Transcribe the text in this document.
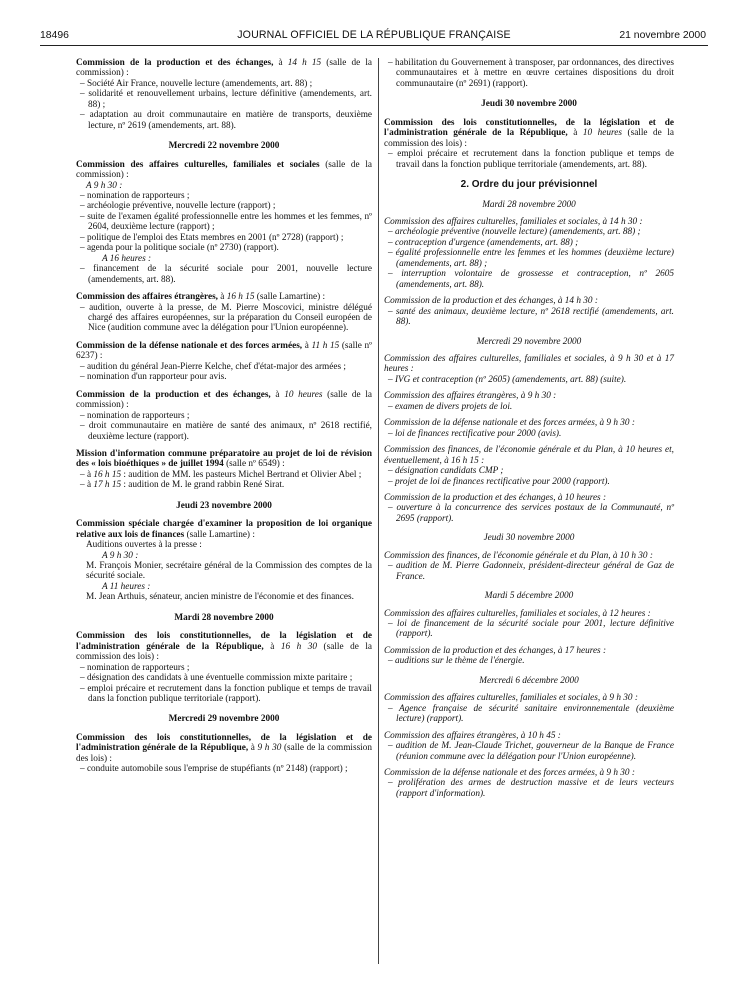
18496	JOURNAL OFFICIEL DE LA RÉPUBLIQUE FRANÇAISE	21 novembre 2000

Commission de la production et des échanges, à 14 h 15 (salle de la commission) :

– Société Air France, nouvelle lecture (amendements, art. 88) ;

– solidarité et renouvellement urbains, lecture définitive (amendements, art. 88) ;

– adaptation au droit communautaire en matière de transports, deuxième lecture, nº 2619 (amendements, art. 88).

Mercredi 22 novembre 2000

Commission des affaires culturelles, familiales et sociales (salle de la commission) :

A 9 h 30 :

– nomination de rapporteurs ;

– archéologie préventive, nouvelle lecture (rapport) ;

– suite de l'examen égalité professionnelle entre les hommes et les femmes, nº 2604, deuxième lecture (rapport) ;

– politique de l'emploi des Etats membres en 2001 (nº 2728) (rapport) ;

– agenda pour la politique sociale (nº 2730) (rapport).

A 16 heures :

– financement de la sécurité sociale pour 2001, nouvelle lecture (amendements, art. 88).

Commission des affaires étrangères, à 16 h 15 (salle Lamartine) :

– audition, ouverte à la presse, de M. Pierre Moscovici, ministre délégué chargé des affaires européennes, sur la préparation du Conseil européen de Nice (audition commune avec la délégation pour l'Union européenne).

Commission de la défense nationale et des forces armées, à 11 h 15 (salle nº 6237) :

– audition du général Jean-Pierre Kelche, chef d'état-major des armées ;

– nomination d'un rapporteur pour avis.

Commission de la production et des échanges, à 10 heures (salle de la commission) :

– nomination de rapporteurs ;

– droit communautaire en matière de santé des animaux, nº 2618 rectifié, deuxième lecture (rapport).

Mission d'information commune préparatoire au projet de loi de révision des « lois bioéthiques » de juillet 1994 (salle nº 6549) :

– à 16 h 15 : audition de MM. les pasteurs Michel Bertrand et Olivier Abel ;

– à 17 h 15 : audition de M. le grand rabbin René Sirat.

Jeudi 23 novembre 2000

Commission spéciale chargée d'examiner la proposition de loi organique relative aux lois de finances (salle Lamartine) :

Auditions ouvertes à la presse :

A 9 h 30 :

M. François Monier, secrétaire général de la Commission des comptes de la sécurité sociale.

A 11 heures :

M. Jean Arthuis, sénateur, ancien ministre de l'économie et des finances.

Mardi 28 novembre 2000

Commission des lois constitutionnelles, de la législation et de l'administration générale de la République, à 16 h 30 (salle de la commission des lois) :

– nomination de rapporteurs ;

– désignation des candidats à une éventuelle commission mixte paritaire ;

– emploi précaire et recrutement dans la fonction publique et temps de travail dans la fonction publique territoriale (rapport).

Mercredi 29 novembre 2000

Commission des lois constitutionnelles, de la législation et de l'administration générale de la République, à 9 h 30 (salle de la commission des lois) :

– conduite automobile sous l'emprise de stupéfiants (nº 2148) (rapport) ;

– habilitation du Gouvernement à transposer, par ordonnances, des directives communautaires et à mettre en œuvre certaines dispositions du droit communautaire (nº 2691) (rapport).

Jeudi 30 novembre 2000

Commission des lois constitutionnelles, de la législation et de l'administration générale de la République, à 10 heures (salle de la commission des lois) :

– emploi précaire et recrutement dans la fonction publique et temps de travail dans la fonction publique territoriale (amendements, art. 88).

2. Ordre du jour prévisionnel

Mardi 28 novembre 2000

Commission des affaires culturelles, familiales et sociales, à 14 h 30 :

– archéologie préventive (nouvelle lecture) (amendements, art. 88) ;

– contraception d'urgence (amendements, art. 88) ;

– égalité professionnelle entre les femmes et les hommes (deuxième lecture) (amendements, art. 88) ;

– interruption volontaire de grossesse et contraception, nº 2605 (amendements, art. 88).

Commission de la production et des échanges, à 14 h 30 :

– santé des animaux, deuxième lecture, nº 2618 rectifié (amendements, art. 88).

Mercredi 29 novembre 2000

Commission des affaires culturelles, familiales et sociales, à 9 h 30 et à 17 heures :

– IVG et contraception (nº 2605) (amendements, art. 88) (suite).

Commission des affaires étrangères, à 9 h 30 :

– examen de divers projets de loi.

Commission de la défense nationale et des forces armées, à 9 h 30 :

– loi de finances rectificative pour 2000 (avis).

Commission des finances, de l'économie générale et du Plan, à 10 heures et, éventuellement, à 16 h 15 :

– désignation candidats CMP ;

– projet de loi de finances rectificative pour 2000 (rapport).

Commission de la production et des échanges, à 10 heures :

– ouverture à la concurrence des services postaux de la Communauté, nº 2695 (rapport).

Jeudi 30 novembre 2000

Commission des finances, de l'économie générale et du Plan, à 10 h 30 :

– audition de M. Pierre Gadonneix, président-directeur général de Gaz de France.

Mardi 5 décembre 2000

Commission des affaires culturelles, familiales et sociales, à 12 heures :

– loi de financement de la sécurité sociale pour 2001, lecture définitive (rapport).

Commission de la production et des échanges, à 17 heures :

– auditions sur le thème de l'énergie.

Mercredi 6 décembre 2000

Commission des affaires culturelles, familiales et sociales, à 9 h 30 :

– Agence française de sécurité sanitaire environnementale (deuxième lecture) (rapport).

Commission des affaires étrangères, à 10 h 45 :

– audition de M. Jean-Claude Trichet, gouverneur de la Banque de France (réunion commune avec la délégation pour l'Union européenne).

Commission de la défense nationale et des forces armées, à 9 h 30 :

– prolifération des armes de destruction massive et de leurs vecteurs (rapport d'information).
